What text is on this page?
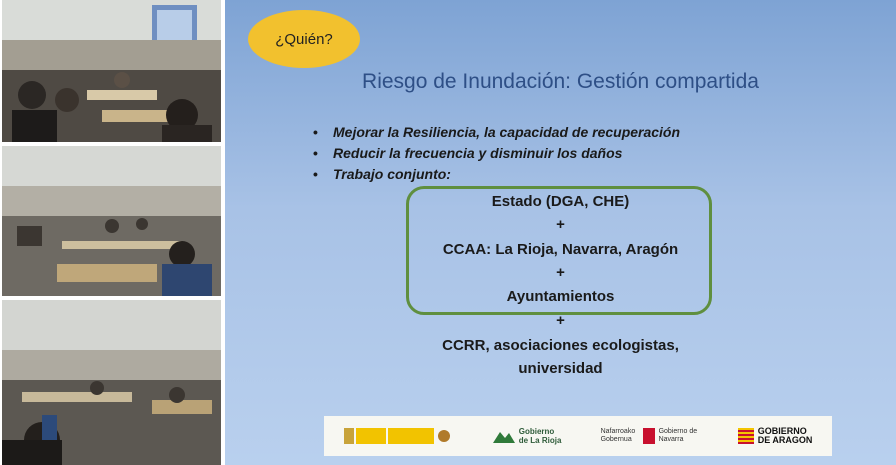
¿Quién?
Riesgo de Inundación: Gestión compartida
• Mejorar la Resiliencia, la capacidad de recuperación
• Reducir la frecuencia y disminuir los daños
• Trabajo conjunto:
Estado (DGA, CHE)
+
CCAA: La Rioja, Navarra, Aragón
+
Ayuntamientos
+
CCRR, asociaciones ecologistas,
universidad
Gobierno
de La Rioja
Nafarroako Gobernua
Gobierno de Navarra
GOBIERNO
DE ARAGON
